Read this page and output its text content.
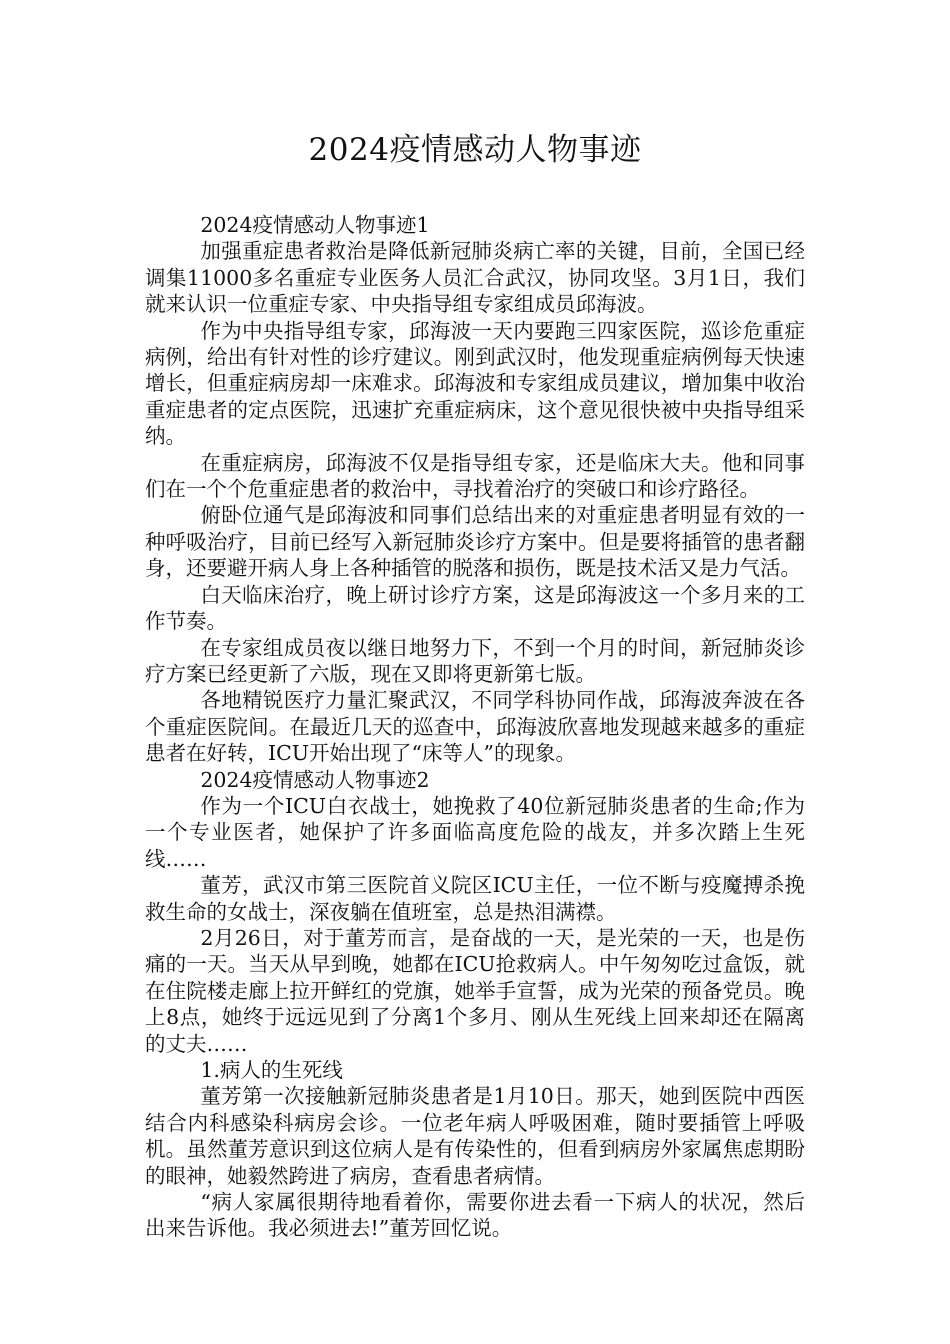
2024疫情感动人物事迹

2024疫情感动人物事迹1

加强重症患者救治是降低新冠肺炎病亡率的关键，目前，全国已经调集11000多名重症专业医务人员汇合武汉，协同攻坚。3月1日，我们就来认识一位重症专家、中央指导组专家组成员邱海波。

作为中央指导组专家，邱海波一天内要跑三四家医院，巡诊危重症病例，给出有针对性的诊疗建议。刚到武汉时，他发现重症病例每天快速增长，但重症病房却一床难求。邱海波和专家组成员建议，增加集中收治重症患者的定点医院，迅速扩充重症病床，这个意见很快被中央指导组采纳。

在重症病房，邱海波不仅是指导组专家，还是临床大夫。他和同事们在一个个危重症患者的救治中，寻找着治疗的突破口和诊疗路径。

俯卧位通气是邱海波和同事们总结出来的对重症患者明显有效的一种呼吸治疗，目前已经写入新冠肺炎诊疗方案中。但是要将插管的患者翻身，还要避开病人身上各种插管的脱落和损伤，既是技术活又是力气活。

白天临床治疗，晚上研讨诊疗方案，这是邱海波这一个多月来的工作节奏。

在专家组成员夜以继日地努力下，不到一个月的时间，新冠肺炎诊疗方案已经更新了六版，现在又即将更新第七版。

各地精锐医疗力量汇聚武汉，不同学科协同作战，邱海波奔波在各个重症医院间。在最近几天的巡查中，邱海波欣喜地发现越来越多的重症患者在好转，ICU开始出现了“床等人”的现象。

2024疫情感动人物事迹2

作为一个ICU白衣战士，她挽救了40位新冠肺炎患者的生命;作为一个专业医者，她保护了许多面临高度危险的战友，并多次踏上生死线……

董芳，武汉市第三医院首义院区ICU主任，一位不断与疫魔搏杀挽救生命的女战士，深夜躺在值班室，总是热泪满襟。

2月26日，对于董芳而言，是奋战的一天，是光荣的一天，也是伤痛的一天。当天从早到晚，她都在ICU抢救病人。中午匆匆吃过盒饭，就在住院楼走廊上拉开鲜红的党旗，她举手宣誓，成为光荣的预备党员。晚上8点，她终于远远见到了分离1个多月、刚从生死线上回来却还在隔离的丈夫……

1.病人的生死线

董芳第一次接触新冠肺炎患者是1月10日。那天，她到医院中西医结合内科感染科病房会诊。一位老年病人呼吸困难，随时要插管上呼吸机。虽然董芳意识到这位病人是有传染性的，但看到病房外家属焦虑期盼的眼神，她毅然跨进了病房，查看患者病情。

“病人家属很期待地看着你，需要你进去看一下病人的状况，然后出来告诉他。我必须进去!”董芳回忆说。
